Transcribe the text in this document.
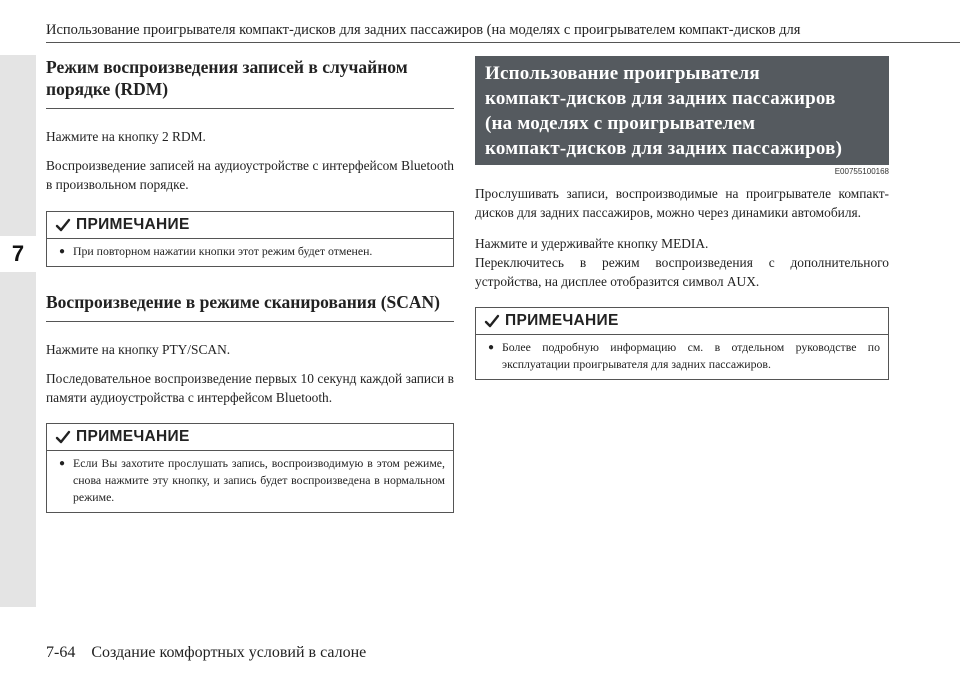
7
Использование проигрывателя компакт-дисков для задних пассажиров (на моделях с проигрывателем компакт-дисков для
Режим воспроизведения записей в случайном
порядке (RDM)

Нажмите на кнопку 2 RDM.

Воспроизведение записей на аудиоустройстве с интерфейсом Bluetooth в произвольном порядке.

ПРИМЕЧАНИЕ
● При повторном нажатии кнопки этот режим будет отменен.
Воспроизведение в режиме сканирования (SCAN)

Нажмите на кнопку PTY/SCAN.

Последовательное воспроизведение первых 10 секунд каждой записи в памяти аудиоустройства с интерфейсом Bluetooth.

ПРИМЕЧАНИЕ
● Если Вы захотите прослушать запись, воспроизводимую в этом режиме, снова нажмите эту кнопку, и запись будет воспроизведена в нормальном режиме.
Использование проигрывателя
компакт-дисков для задних пассажиров
(на моделях с проигрывателем
компакт-дисков для задних пассажиров)
E00755100168

Прослушивать записи, воспроизводимые на проигрывателе компакт-дисков для задних пассажиров, можно через динамики автомобиля.

Нажмите и удерживайте кнопку MEDIA.

Переключитесь в режим воспроизведения с дополнительного устройства, на дисплее отобразится символ AUX.

ПРИМЕЧАНИЕ
● Более подробную информацию см. в отдельном руководстве по эксплуатации проигрывателя для задних пассажиров.
7-64 Создание комфортных условий в салоне
